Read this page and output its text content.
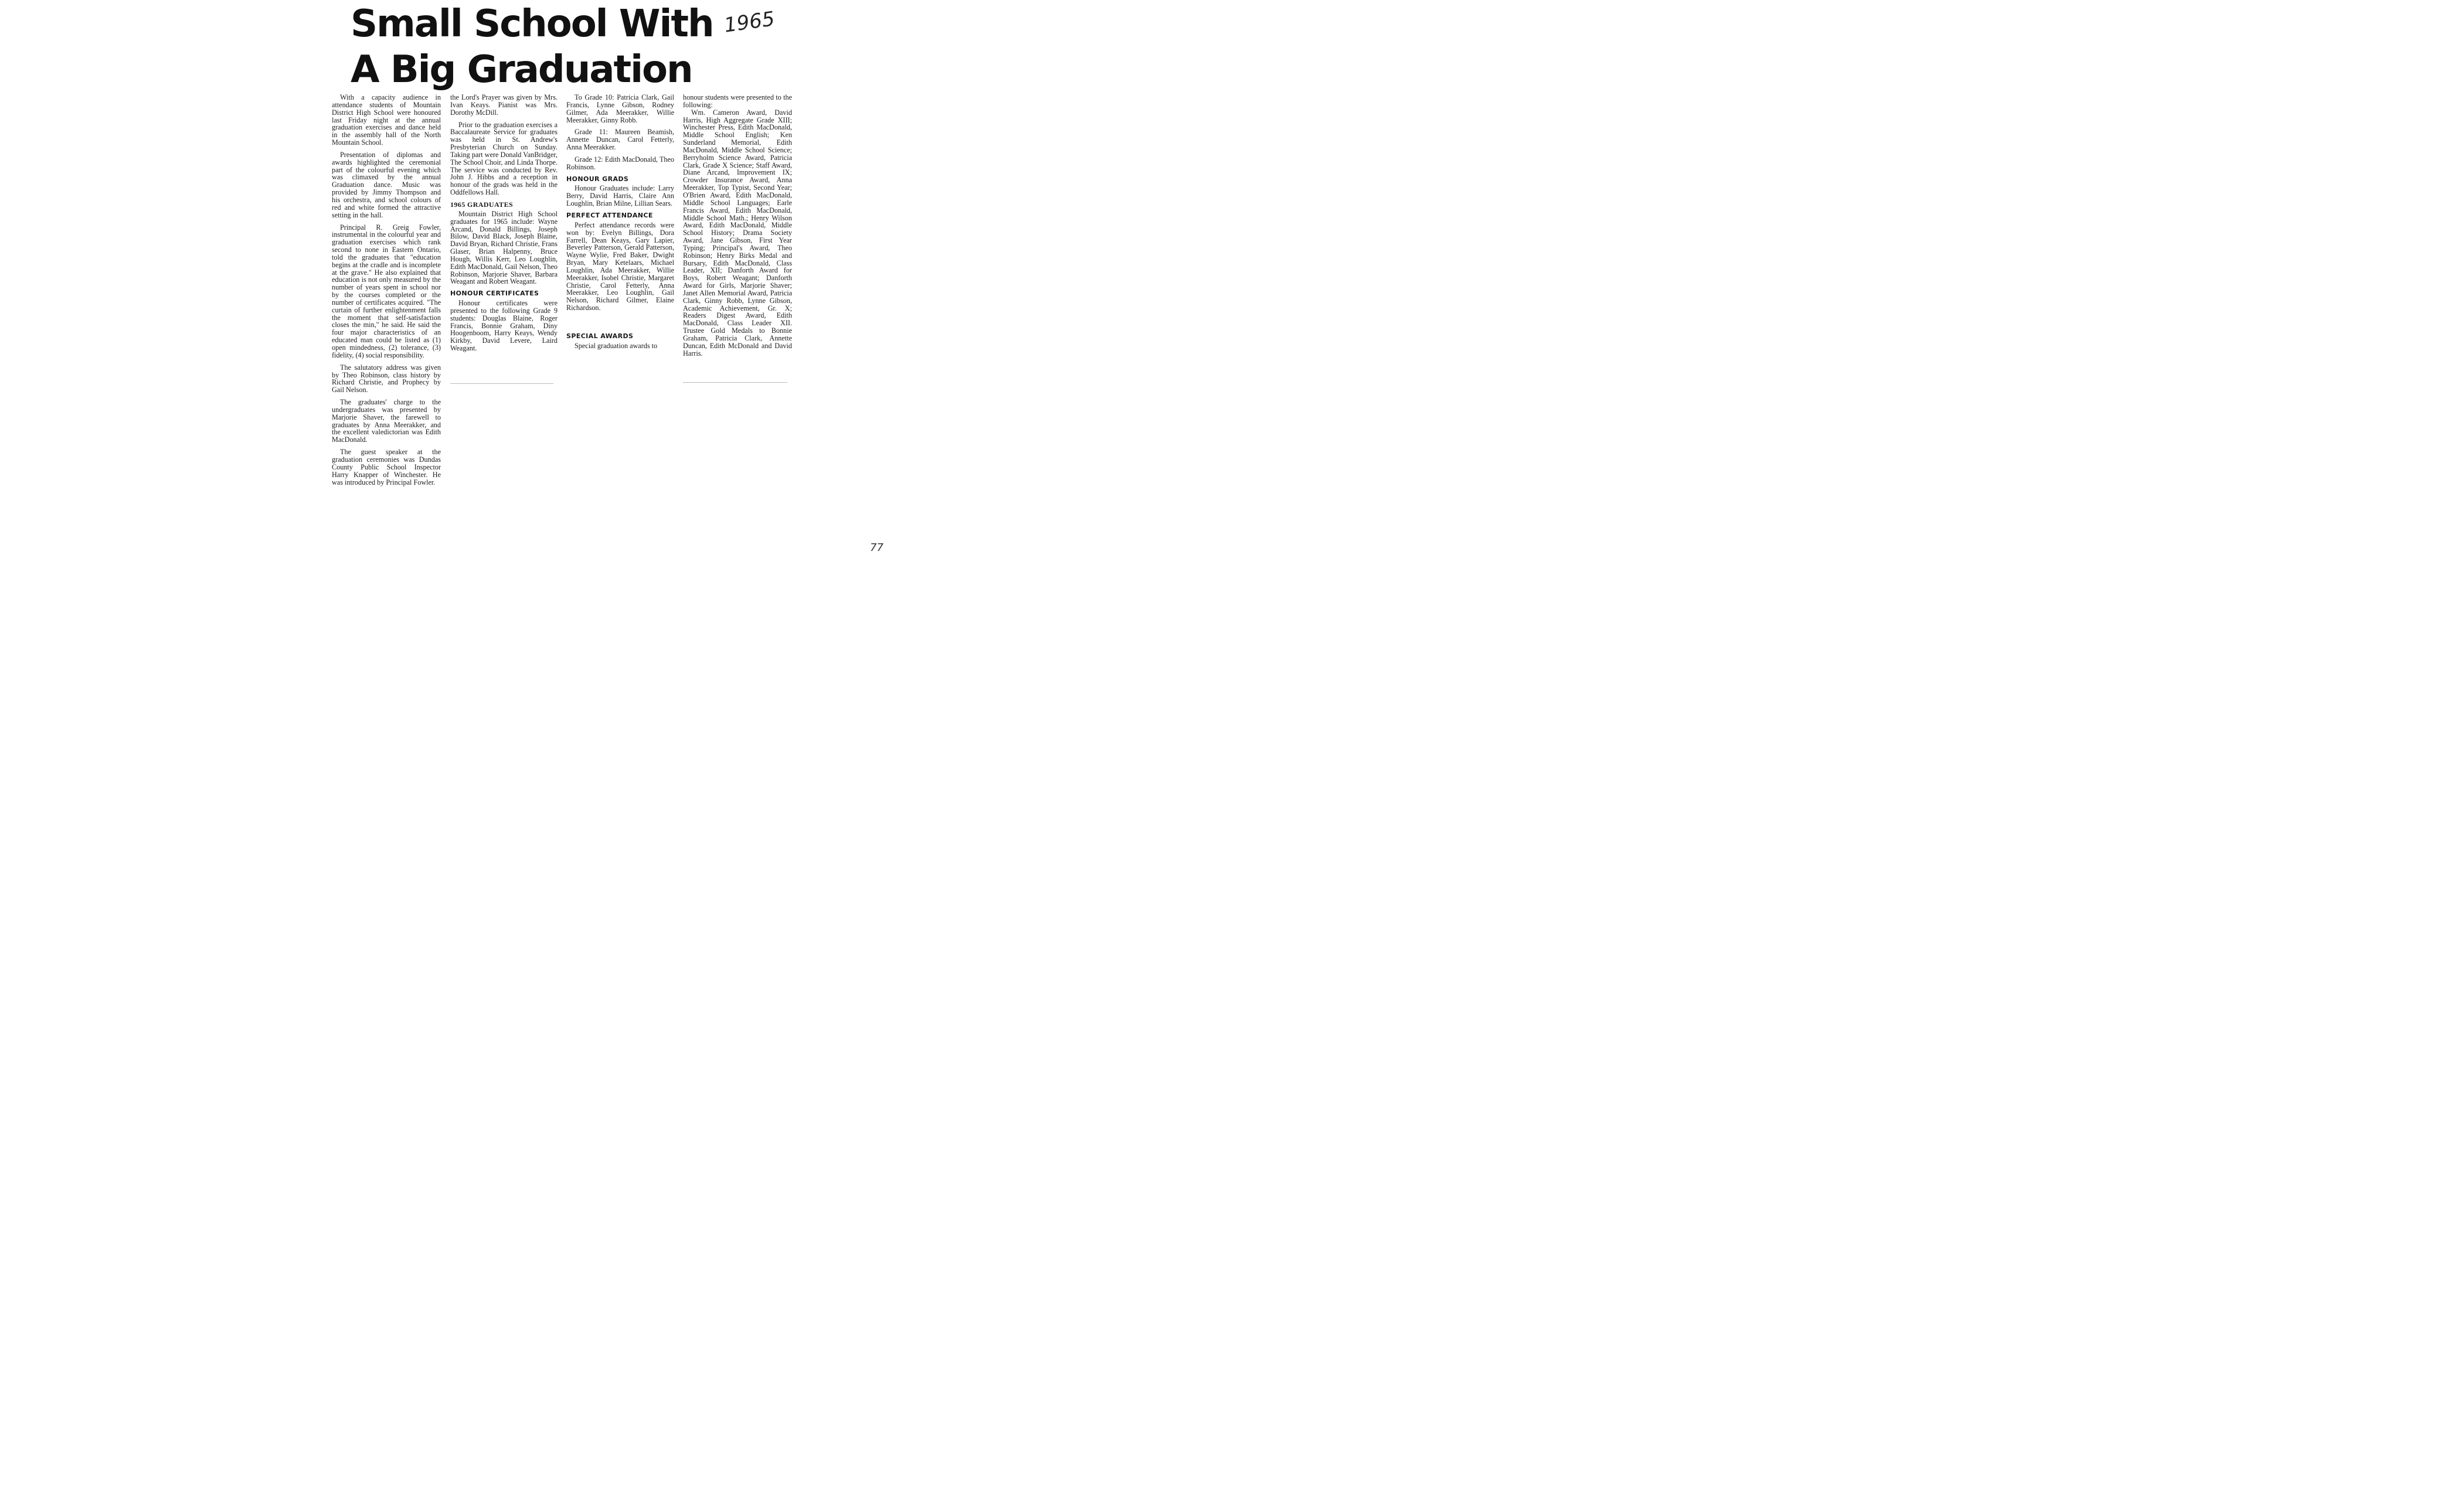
Small School With
A Big Graduation
1965
77

With a capacity audience in attendance students of Mountain District High School were honoured last Friday night at the annual graduation exercises and dance held in the assembly hall of the North Mountain School.

Presentation of diplomas and awards highlighted the ceremonial part of the colourful evening which was climaxed by the annual Graduation dance. Music was provided by Jimmy Thompson and his orchestra, and school colours of red and white formed the attractive setting in the hall.

Principal R. Greig Fowler, instrumental in the colourful year and graduation exercises which rank second to none in Eastern Ontario, told the graduates that "education begins at the cradle and is incomplete at the grave." He also explained that education is not only measured by the number of years spent in school nor by the courses completed or the number of certificates acquired. "The curtain of further enlightenment falls the moment that self-satisfaction closes the min," he said. He said the four major characteristics of an educated man could be listed as (1) open mindedness, (2) tolerance, (3) fidelity, (4) social responsibility.

The salutatory address was given by Theo Robinson, class history by Richard Christie, and Prophecy by Gail Nelson.

The graduates' charge to the undergraduates was presented by Marjorie Shaver, the farewell to graduates by Anna Meerakker, and the excellent valedictorian was Edith MacDonald.

The guest speaker at the graduation ceremonies was Dundas County Public School Inspector Harry Knapper of Winchester. He was introduced by Principal Fowler.

the Lord's Prayer was given by Mrs. Ivan Keays. Pianist was Mrs. Dorothy McDill.

Prior to the graduation exercises a Baccalaureate Service for graduates was held in St. Andrew's Presbyterian Church on Sunday. Taking part were Donald VanBridger, The School Choir, and Linda Thorpe. The service was conducted by Rev. John J. Hibbs and a reception in honour of the grads was held in the Oddfellows Hall.

1965 GRADUATES

Mountain District High School graduates for 1965 include: Wayne Arcand, Donald Billings, Joseph Bilow, David Black, Joseph Blaine, David Bryan, Richard Christie, Frans Glaser, Brian Halpenny, Bruce Hough, Willis Kerr, Leo Loughlin, Edith MacDonald, Gail Nelson, Theo Robinson, Marjorie Shaver, Barbara Weagant and Robert Weagant.

HONOUR CERTIFICATES

Honour certificates were presented to the following Grade 9 students: Douglas Blaine, Roger Francis, Bonnie Graham, Diny Hoogenboom, Harry Keays, Wendy Kirkby, David Levere, Laird Weagant.

To Grade 10: Patricia Clark, Gail Francis, Lynne Gibson, Rodney Gilmer, Ada Meerakker, Willie Meerakker, Ginny Robb.

Grade 11: Maureen Beamish, Annette Duncan, Carol Fetterly, Anna Meerakker.

Grade 12: Edith MacDonald, Theo Robinson.

HONOUR GRADS

Honour Graduates include: Larry Berry, David Harris, Claire Ann Loughlin, Brian Milne, Lillian Sears.

PERFECT ATTENDANCE

Perfect attendance records were won by: Evelyn Billings, Dora Farrell, Dean Keays, Gary Lapier, Beverley Patterson, Gerald Patterson, Wayne Wylie, Fred Baker, Dwight Bryan, Mary Ketelaars, Michael Loughlin, Ada Meerakker, Willie Meerakker, Isobel Christie, Margaret Christie, Carol Fetterly, Anna Meerakker, Leo Loughlin, Gail Nelson, Richard Gilmer, Elaine Richardson.

SPECIAL AWARDS

Special graduation awards to

honour students were presented to the following:

Wm. Cameron Award, David Harris, High Aggregate Grade XIII; Winchester Press, Edith MacDonald, Middle School English; Ken Sunderland Memorial, Edith MacDonald, Middle School Science; Berryholm Science Award, Patricia Clark, Grade X Science; Staff Award, Diane Arcand, Improvement IX; Crowder Insurance Award, Anna Meerakker, Top Typist, Second Year; O'Brien Award, Edith MacDonald, Middle School Languages; Earle Francis Award, Edith MacDonald, Middle School Math.; Henry Wilson Award, Edith MacDonald, Middle School History; Drama Society Award, Jane Gibson, First Year Typing; Principal's Award, Theo Robinson; Henry Birks Medal and Bursary, Edith MacDonald, Class Leader, XII; Danforth Award for Boys, Robert Weagant; Danforth Award for Girls, Marjorie Shaver; Janet Allen Memorial Award, Patricia Clark, Ginny Robb, Lynne Gibson, Academic Achievement, Gr. X; Readers Digest Award, Edith MacDonald, Class Leader XII. Trustee Gold Medals to Bonnie Graham, Patricia Clark, Annette Duncan, Edith McDonald and David Harris.
